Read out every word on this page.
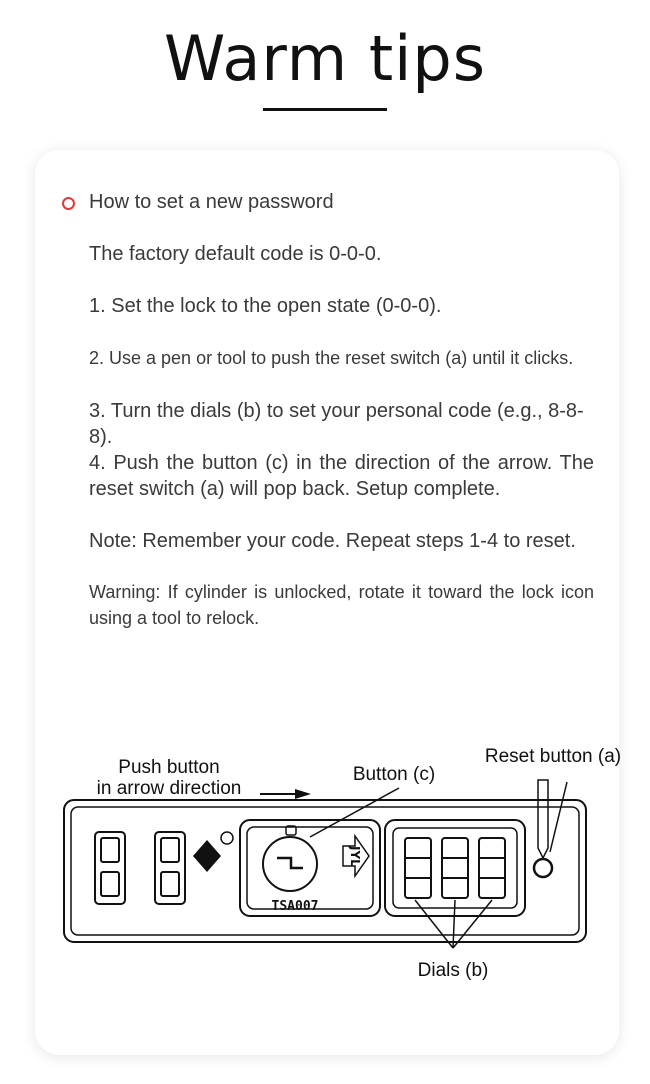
Warm tips
How to set a new password
The factory default code is 0-0-0.
1. Set the lock to the open state (0-0-0).
2. Use a pen or tool to push the reset switch (a) until it clicks.
3. Turn the dials (b) to set your personal code (e.g., 8-8-8).
4. Push the button (c) in the direction of the arrow. The reset switch (a) will pop back. Setup complete.
Note: Remember your code. Repeat steps 1-4 to reset.
Warning: If cylinder is unlocked, rotate it toward the lock icon using a tool to relock.
Push button
in arrow direction
Button (c)
Reset button (a)
Dials (b)
TSA007
JYL
